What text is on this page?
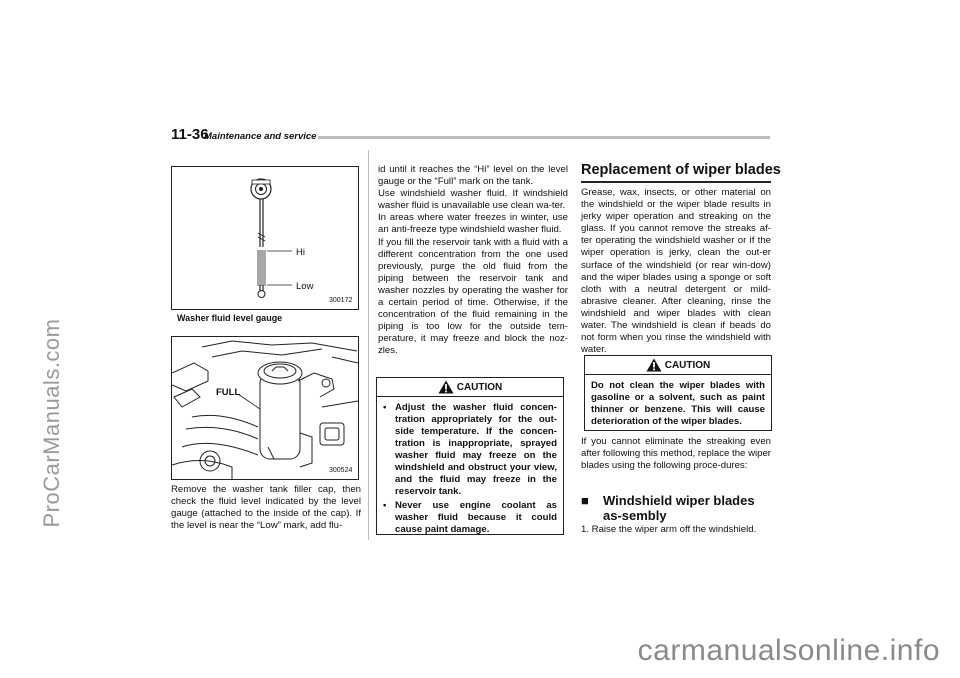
ProCarManuals.com
carmanualsonline.info
11-36
Maintenance and service
Hi
Low
300172
Washer fluid level gauge
FULL
300524
Remove the washer tank filler cap, then check the fluid level indicated by the level gauge (attached to the inside of the cap). If the level is near the “Low” mark, add flu-

id until it reaches the “Hi” level on the level gauge or the “Full” mark on the tank.

Use windshield washer fluid. If windshield washer fluid is unavailable use clean wa-ter.

In areas where water freezes in winter, use an anti-freeze type windshield washer fluid.

If you fill the reservoir tank with a fluid with a different concentration from the one used previously, purge the old fluid from the piping between the reservoir tank and washer nozzles by operating the washer for a certain period of time. Otherwise, if the concentration of the fluid remaining in the piping is too low for the outside tem-perature, it may freeze and block the noz-zles.

CAUTION
• Adjust the washer fluid concen-tration appropriately for the out-side temperature. If the concen-tration is inappropriate, sprayed washer fluid may freeze on the windshield and obstruct your view, and the fluid may freeze in the reservoir tank.
• Never use engine coolant as washer fluid because it could cause paint damage.
Replacement of wiper blades
Grease, wax, insects, or other material on the windshield or the wiper blade results in jerky wiper operation and streaking on the glass. If you cannot remove the streaks af-ter operating the windshield washer or if the wiper operation is jerky, clean the out-er surface of the windshield (or rear win-dow) and the wiper blades using a sponge or soft cloth with a neutral detergent or mild-abrasive cleaner. After cleaning, rinse the windshield and wiper blades with clean water. The windshield is clean if beads do not form when you rinse the windshield with water.
CAUTION
Do not clean the wiper blades with gasoline or a solvent, such as paint thinner or benzene. This will cause deterioration of the wiper blades.
If you cannot eliminate the streaking even after following this method, replace the wiper blades using the following proce-dures:
■	Windshield wiper blades as-sembly
1. Raise the wiper arm off the windshield.
